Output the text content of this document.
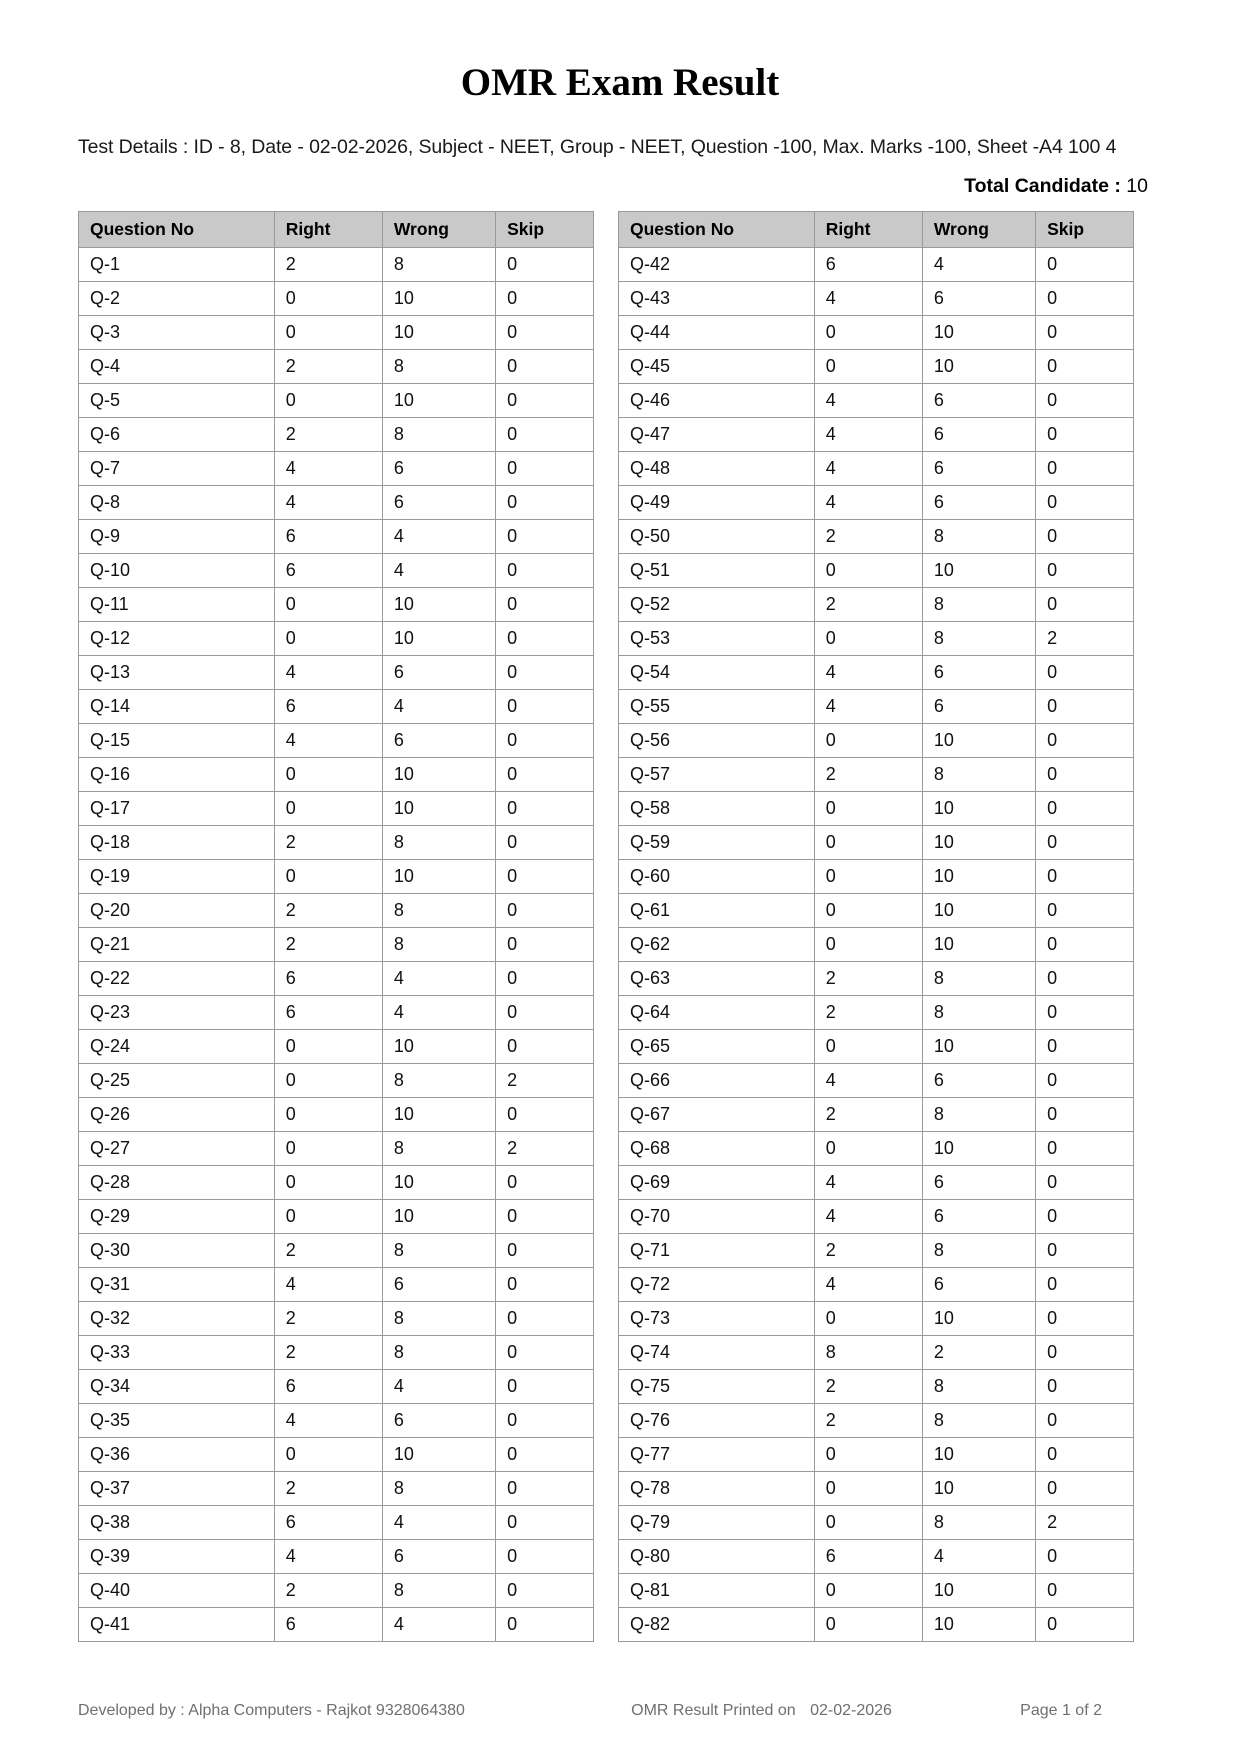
OMR Exam Result

Test Details : ID - 8, Date - 02-02-2026, Subject - NEET, Group - NEET, Question -100, Max. Marks -100, Sheet -A4 100 4

Total Candidate : 10
Question No	Right	Wrong	Skip
Q-1	2	8	0
Q-2	0	10	0
Q-3	0	10	0
Q-4	2	8	0
Q-5	0	10	0
Q-6	2	8	0
Q-7	4	6	0
Q-8	4	6	0
Q-9	6	4	0
Q-10	6	4	0
Q-11	0	10	0
Q-12	0	10	0
Q-13	4	6	0
Q-14	6	4	0
Q-15	4	6	0
Q-16	0	10	0
Q-17	0	10	0
Q-18	2	8	0
Q-19	0	10	0
Q-20	2	8	0
Q-21	2	8	0
Q-22	6	4	0
Q-23	6	4	0
Q-24	0	10	0
Q-25	0	8	2
Q-26	0	10	0
Q-27	0	8	2
Q-28	0	10	0
Q-29	0	10	0
Q-30	2	8	0
Q-31	4	6	0
Q-32	2	8	0
Q-33	2	8	0
Q-34	6	4	0
Q-35	4	6	0
Q-36	0	10	0
Q-37	2	8	0
Q-38	6	4	0
Q-39	4	6	0
Q-40	2	8	0
Q-41	6	4	0
Question No	Right	Wrong	Skip
Q-42	6	4	0
Q-43	4	6	0
Q-44	0	10	0
Q-45	0	10	0
Q-46	4	6	0
Q-47	4	6	0
Q-48	4	6	0
Q-49	4	6	0
Q-50	2	8	0
Q-51	0	10	0
Q-52	2	8	0
Q-53	0	8	2
Q-54	4	6	0
Q-55	4	6	0
Q-56	0	10	0
Q-57	2	8	0
Q-58	0	10	0
Q-59	0	10	0
Q-60	0	10	0
Q-61	0	10	0
Q-62	0	10	0
Q-63	2	8	0
Q-64	2	8	0
Q-65	0	10	0
Q-66	4	6	0
Q-67	2	8	0
Q-68	0	10	0
Q-69	4	6	0
Q-70	4	6	0
Q-71	2	8	0
Q-72	4	6	0
Q-73	0	10	0
Q-74	8	2	0
Q-75	2	8	0
Q-76	2	8	0
Q-77	0	10	0
Q-78	0	10	0
Q-79	0	8	2
Q-80	6	4	0
Q-81	0	10	0
Q-82	0	10	0
Developed by : Alpha Computers - Rajkot 9328064380	OMR Result Printed on 02-02-2026	Page 1 of 2
